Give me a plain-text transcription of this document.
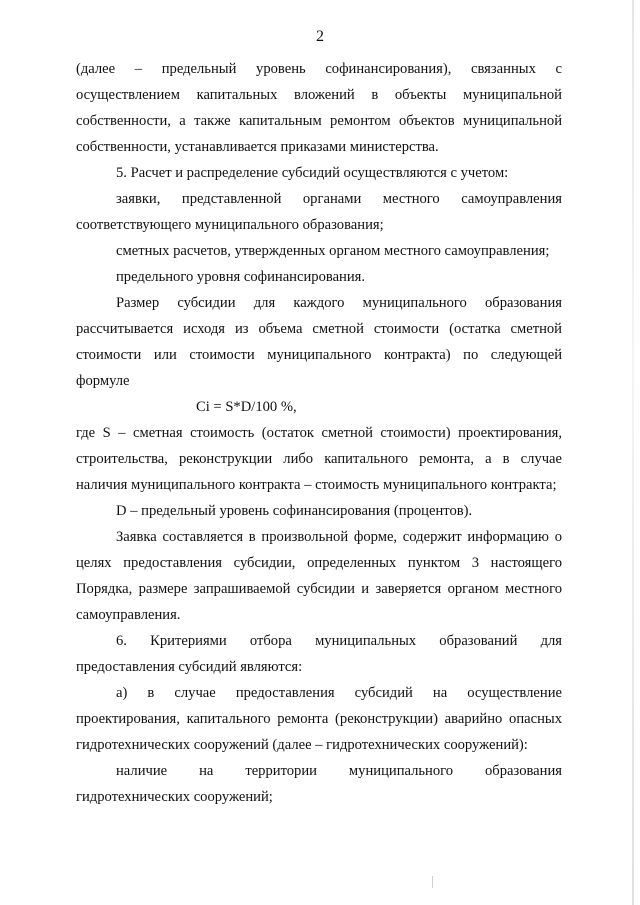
2

(далее – предельный уровень софинансирования), связанных с осуществлением капитальных вложений в объекты муниципальной собственности, а также капитальным ремонтом объектов муниципальной собственности, устанавливается приказами министерства.

5. Расчет и распределение субсидий осуществляются с учетом:

заявки, представленной органами местного самоуправления соответствующего муниципального образования;

сметных расчетов, утвержденных органом местного самоуправления;

предельного уровня софинансирования.

Размер субсидии для каждого муниципального образования рассчитывается исходя из объема сметной стоимости (остатка сметной стоимости или стоимости муниципального контракта) по следующей формуле

Ci = S*D/100 %,

где S – сметная стоимость (остаток сметной стоимости) проектирования, строительства, реконструкции либо капитального ремонта, а в случае наличия муниципального контракта – стоимость муниципального контракта;

D – предельный уровень софинансирования (процентов).

Заявка составляется в произвольной форме, содержит информацию о целях предоставления субсидии, определенных пунктом 3 настоящего Порядка, размере запрашиваемой субсидии и заверяется органом местного самоуправления.

6. Критериями отбора муниципальных образований для предоставления субсидий являются:

а) в случае предоставления субсидий на осуществление проектирования, капитального ремонта (реконструкции) аварийно опасных гидротехнических сооружений (далее – гидротехнических сооружений):

наличие на территории муниципального образования гидротехнических сооружений;
